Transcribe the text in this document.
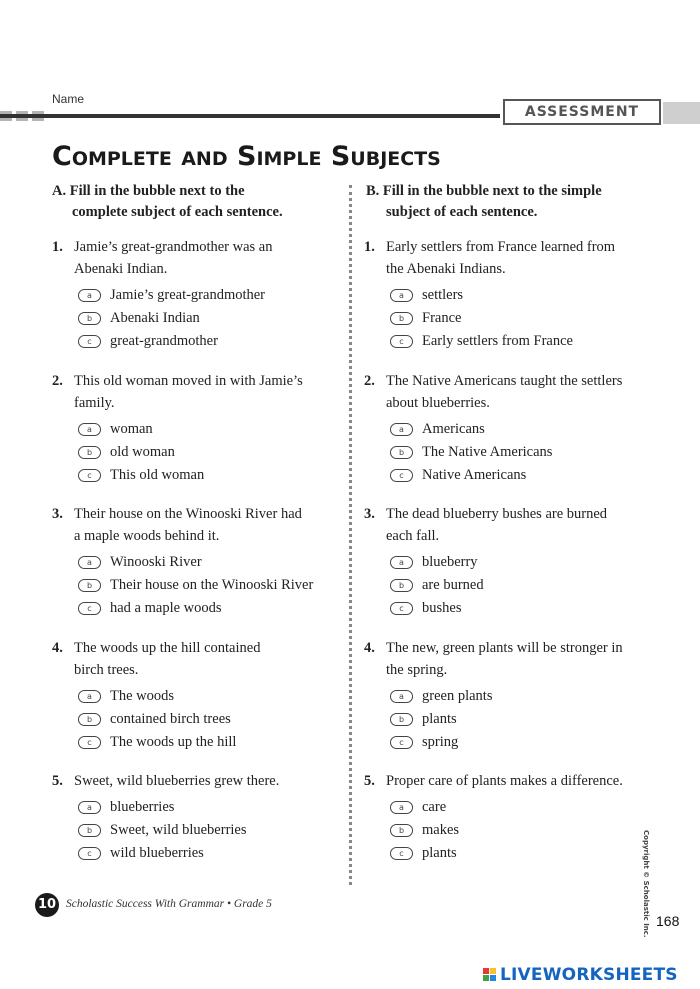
Name
ASSESSMENT
Complete and Simple Subjects
A. Fill in the bubble next to the
complete subject of each sentence.
B. Fill in the bubble next to the simple
subject of each sentence.
1. Jamie’s great-grandmother was an
Abenaki Indian.
a	Jamie’s great-grandmother
b	Abenaki Indian
c	great-grandmother
2. This old woman moved in with Jamie’s
family.
a	woman
b	old woman
c	This old woman
3. Their house on the Winooski River had
a maple woods behind it.
a	Winooski River
b	Their house on the Winooski River
c	had a maple woods
4. The woods up the hill contained
birch trees.
a	The woods
b	contained birch trees
c	The woods up the hill
5. Sweet, wild blueberries grew there.
a	blueberries
b	Sweet, wild blueberries
c	wild blueberries
1. Early settlers from France learned from
the Abenaki Indians.
a	settlers
b	France
c	Early settlers from France
2. The Native Americans taught the settlers
about blueberries.
a	Americans
b	The Native Americans
c	Native Americans
3. The dead blueberry bushes are burned
each fall.
a	blueberry
b	are burned
c	bushes
4. The new, green plants will be stronger in
the spring.
a	green plants
b	plants
c	spring
5. Proper care of plants makes a difference.
a	care
b	makes
c	plants
10 Scholastic Success With Grammar • Grade 5	Copyright © Scholastic Inc. 168
LIVEWORKSHEETS
